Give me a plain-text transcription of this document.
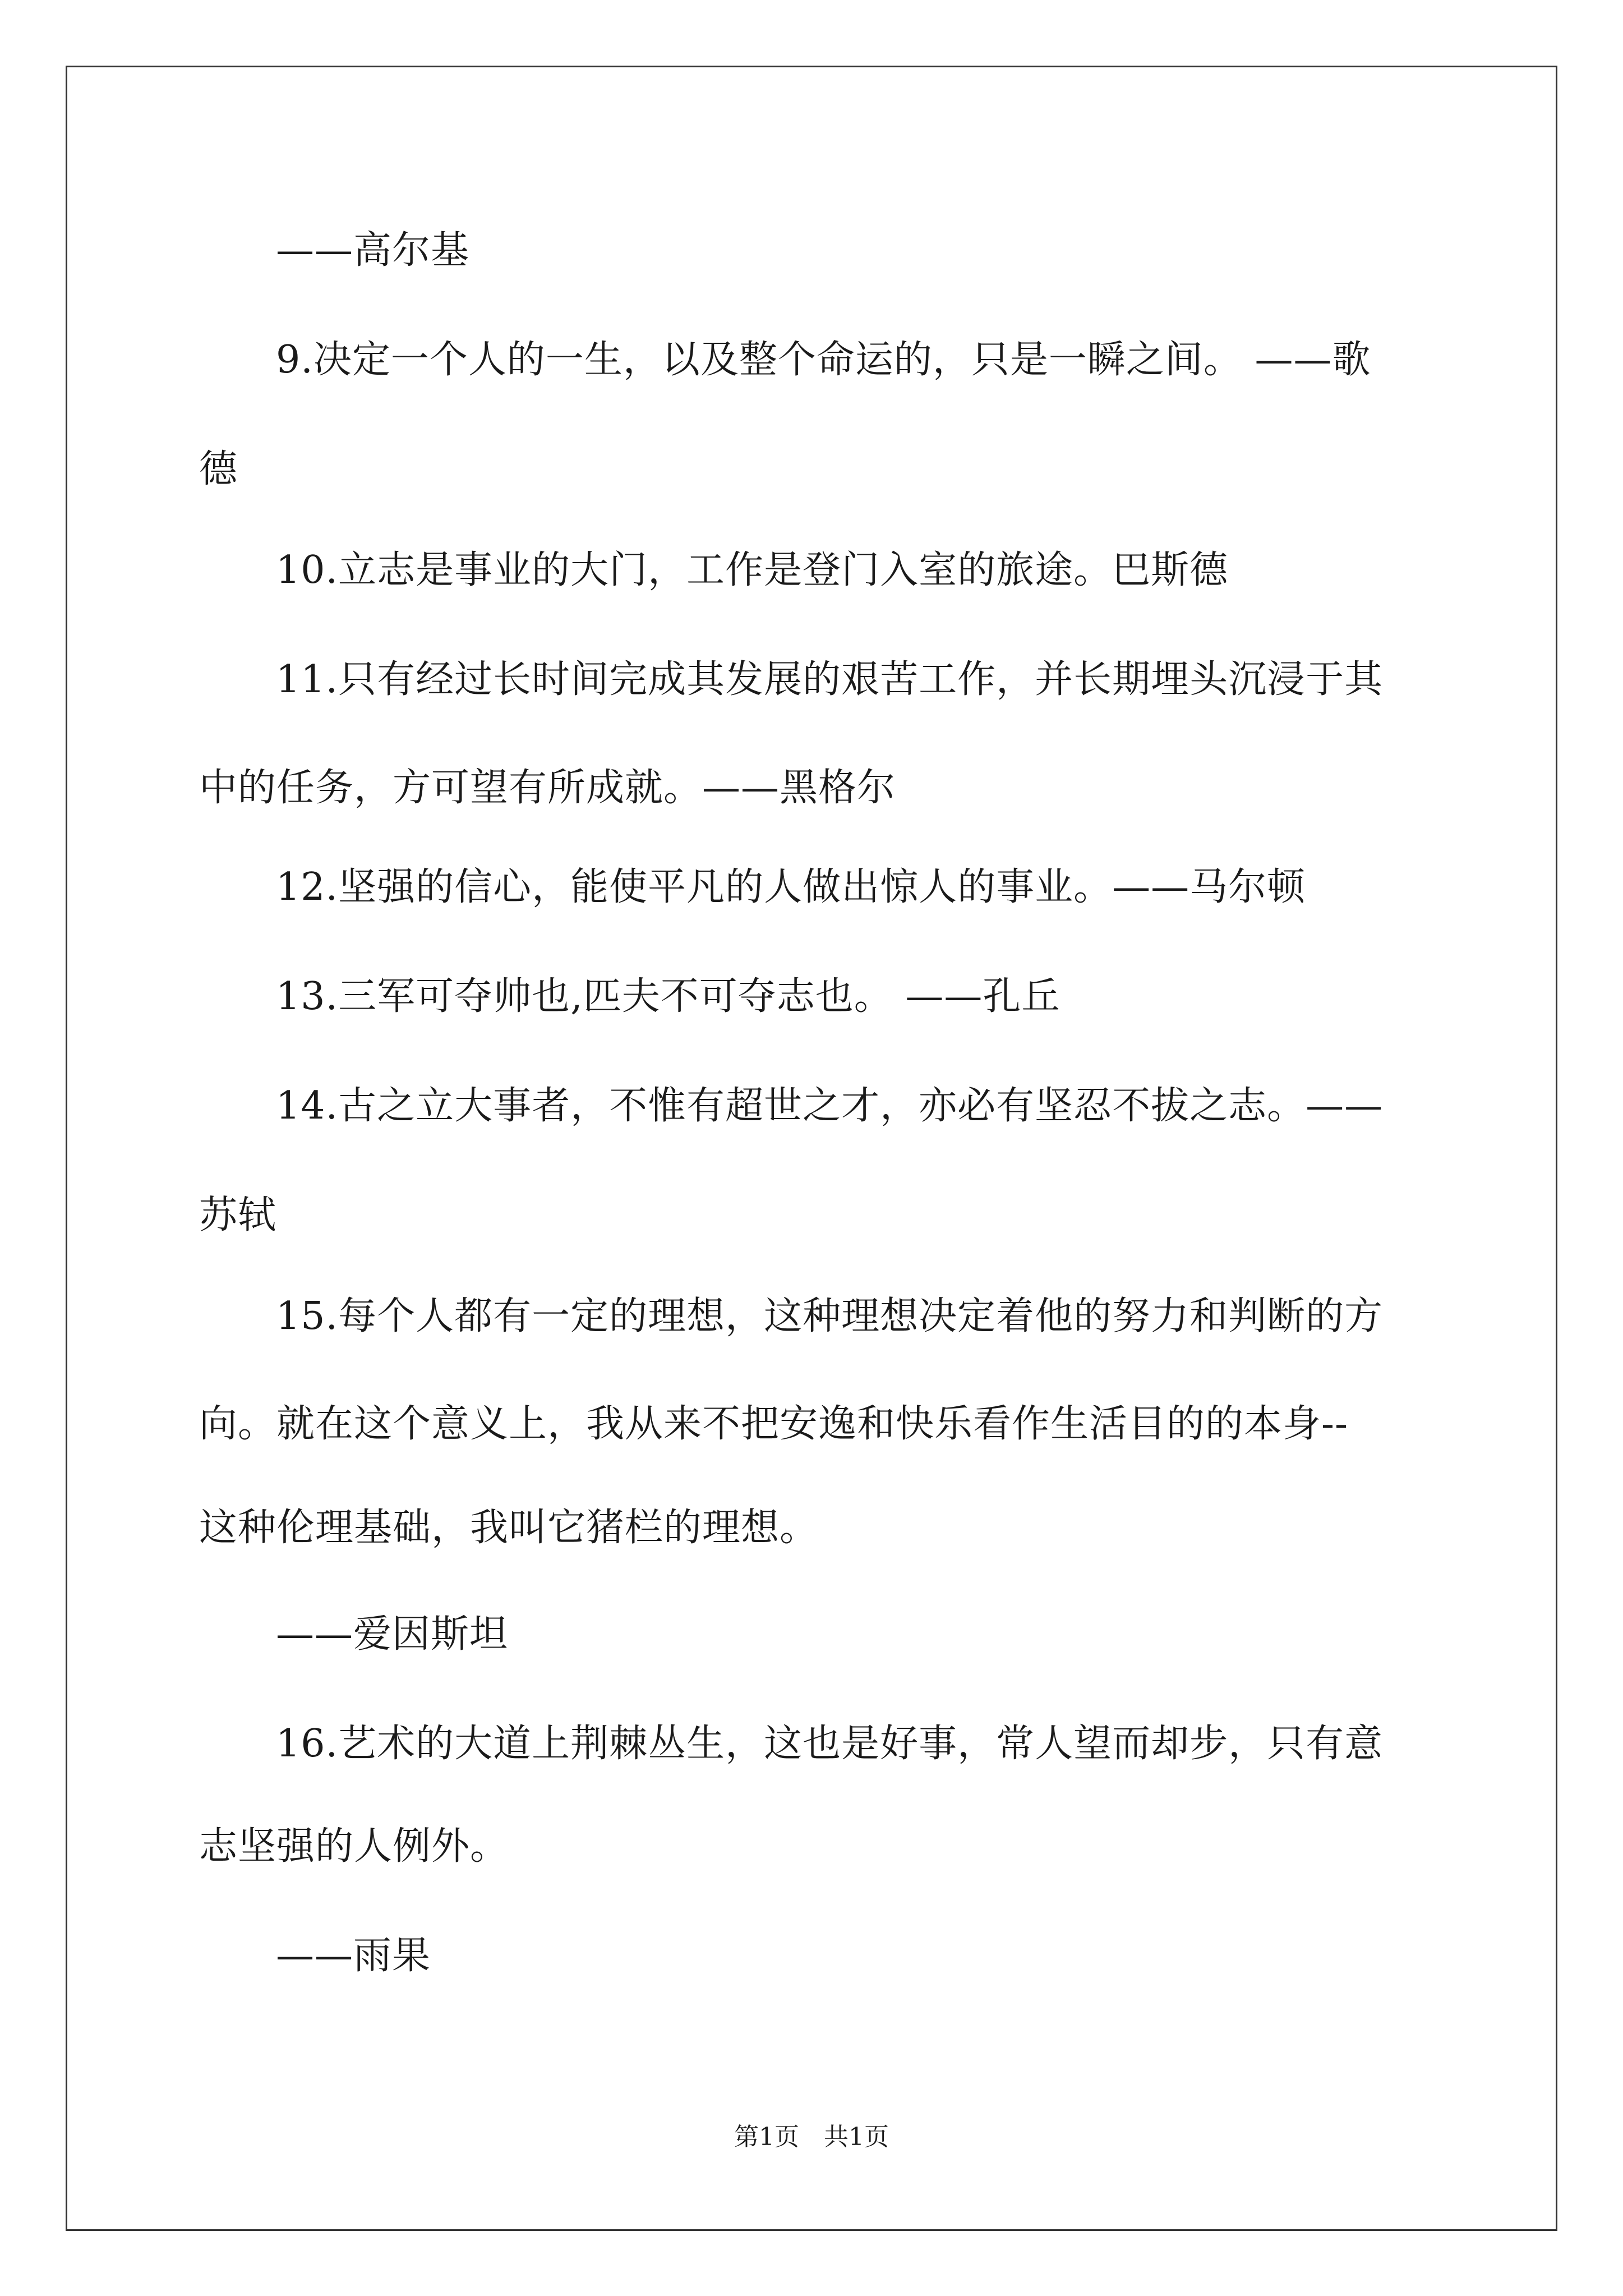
——高尔基
9.决定一个人的一生，以及整个命运的，只是一瞬之间。 ——歌
德
10.立志是事业的大门，工作是登门入室的旅途。巴斯德
11.只有经过长时间完成其发展的艰苦工作，并长期埋头沉浸于其
中的任务，方可望有所成就。——黑格尔
12.坚强的信心，能使平凡的人做出惊人的事业。——马尔顿
13.三军可夺帅也,匹夫不可夺志也。 ——孔丘
14.古之立大事者，不惟有超世之才，亦必有坚忍不拔之志。——
苏轼
15.每个人都有一定的理想，这种理想决定着他的努力和判断的方
向。就在这个意义上，我从来不把安逸和快乐看作生活目的的本身--
这种伦理基础，我叫它猪栏的理想。
——爱因斯坦
16.艺术的大道上荆棘丛生，这也是好事，常人望而却步，只有意
志坚强的人例外。
——雨果
第1页　共1页
